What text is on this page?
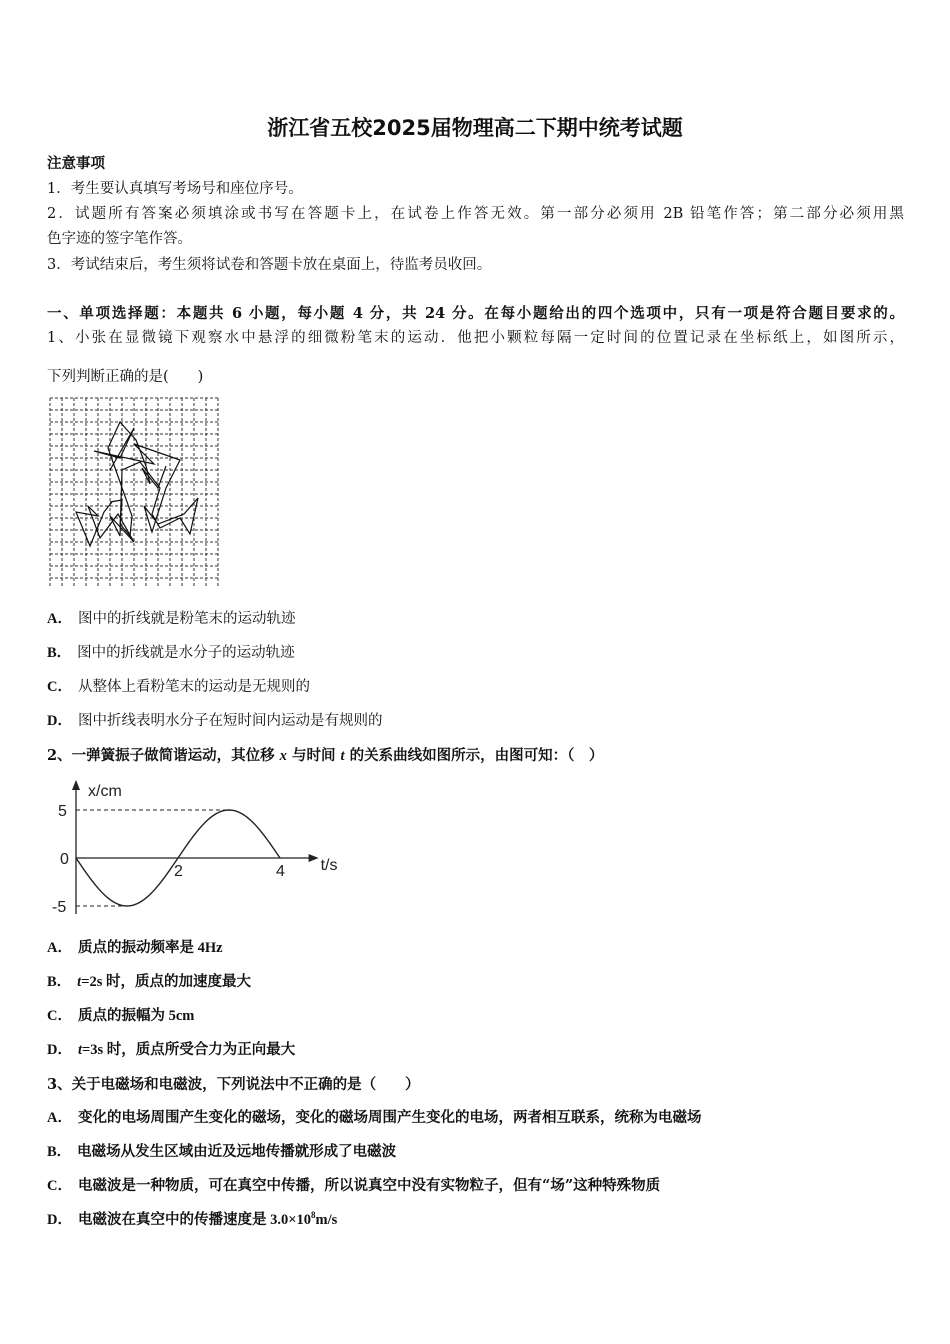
浙江省五校2025届物理高二下期中统考试题
注意事项
1．考生要认真填写考场号和座位序号。
2．试题所有答案必须填涂或书写在答题卡上，在试卷上作答无效。第一部分必须用 2B 铅笔作答；第二部分必须用黑
色字迹的签字笔作答。
3．考试结束后，考生须将试卷和答题卡放在桌面上，待监考员收回。
一、单项选择题：本题共 6 小题，每小题 4 分，共 24 分。在每小题给出的四个选项中，只有一项是符合题目要求的。
1、小张在显微镜下观察水中悬浮的细微粉笔末的运动．他把小颗粒每隔一定时间的位置记录在坐标纸上，如图所示，
下列判断正确的是(　　)
A． 图中的折线就是粉笔末的运动轨迹
B． 图中的折线就是水分子的运动轨迹
C． 从整体上看粉笔末的运动是无规则的
D． 图中折线表明水分子在短时间内运动是有规则的
2、一弹簧振子做简谐运动，其位移 x 与时间 t 的关系曲线如图所示，由图可知：（　）
x/cm
t/s
5
0
-5
2	4
A． 质点的振动频率是 4Hz
B． t=2s 时，质点的加速度最大
C． 质点的振幅为 5cm
D． t=3s 时，质点所受合力为正向最大
3、关于电磁场和电磁波，下列说法中不正确的是（　　）
A． 变化的电场周围产生变化的磁场，变化的磁场周围产生变化的电场，两者相互联系，统称为电磁场
B． 电磁场从发生区域由近及远地传播就形成了电磁波
C． 电磁波是一种物质，可在真空中传播，所以说真空中没有实物粒子，但有“场”这种特殊物质
D． 电磁波在真空中的传播速度是 $3.0\times 10^8m/s$
